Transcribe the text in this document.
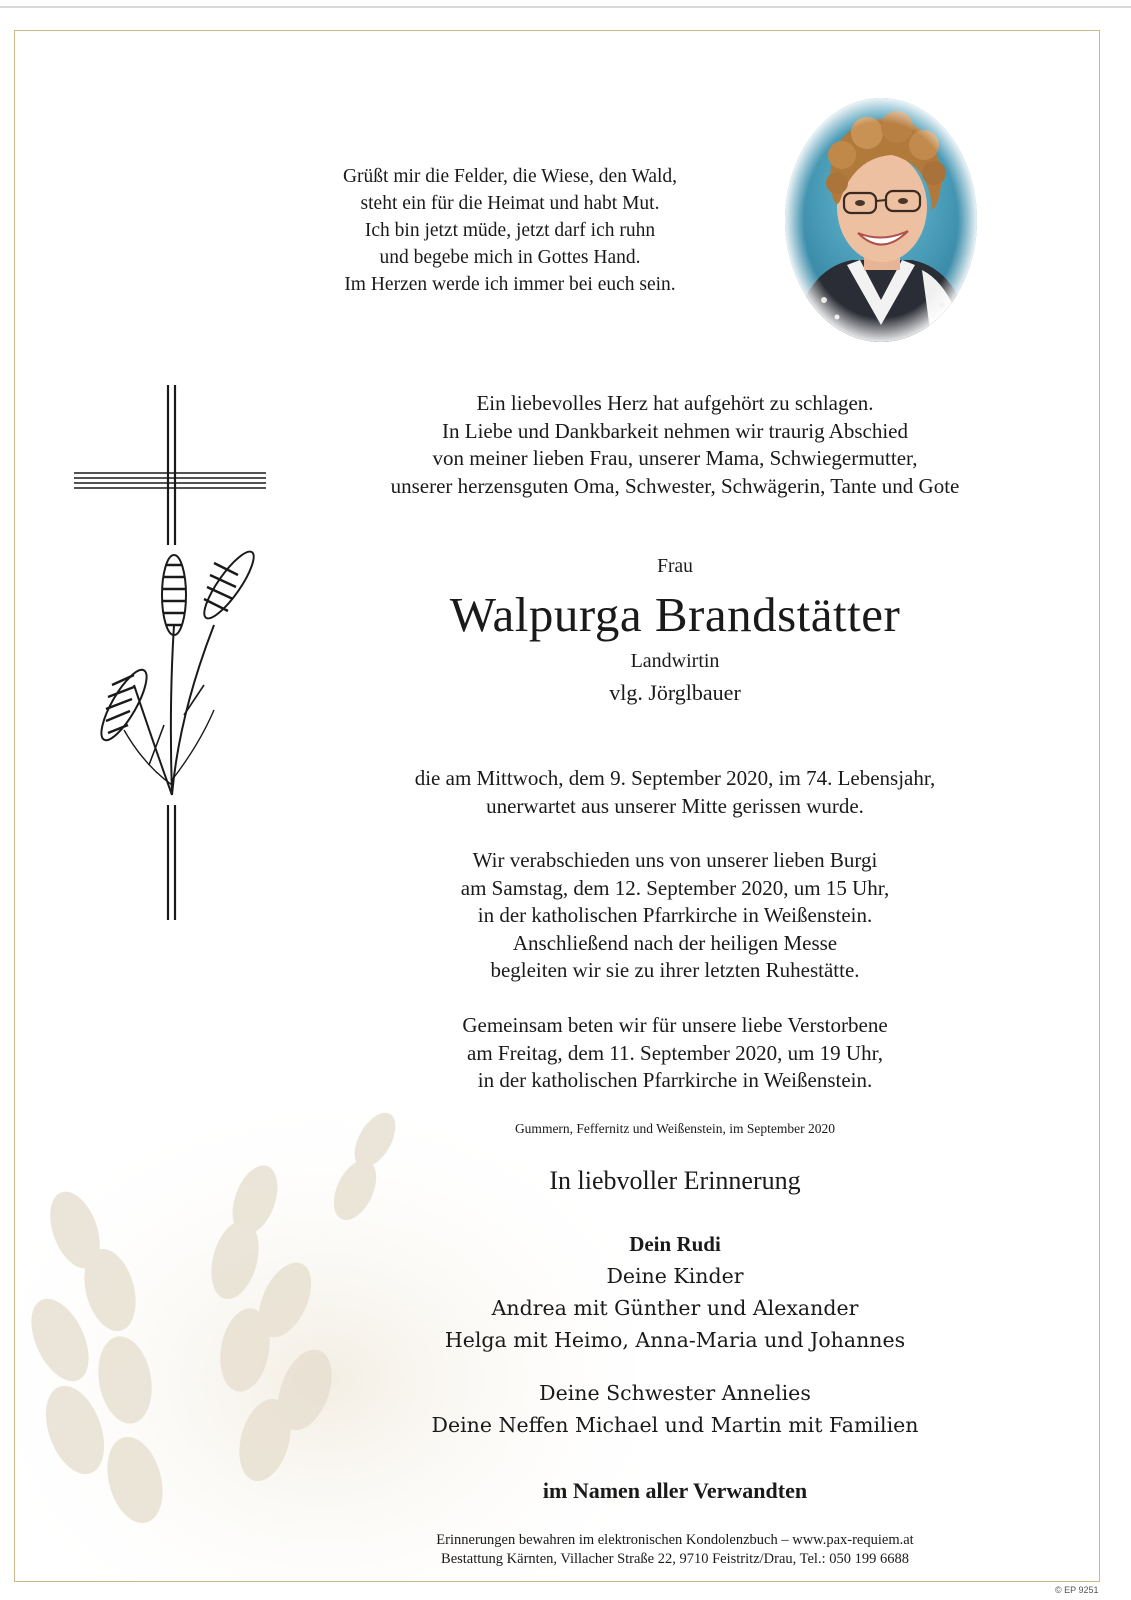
Grüßt mir die Felder, die Wiese, den Wald,
steht ein für die Heimat und habt Mut.
Ich bin jetzt müde, jetzt darf ich ruhn
und begebe mich in Gottes Hand.
Im Herzen werde ich immer bei euch sein.
Ein liebevolles Herz hat aufgehört zu schlagen.
In Liebe und Dankbarkeit nehmen wir traurig Abschied
von meiner lieben Frau, unserer Mama, Schwiegermutter,
unserer herzensguten Oma, Schwester, Schwägerin, Tante und Gote
Frau
Walpurga Brandstätter
Landwirtin
vlg. Jörglbauer
die am Mittwoch, dem 9. September 2020, im 74. Lebensjahr,
unerwartet aus unserer Mitte gerissen wurde.
Wir verabschieden uns von unserer lieben Burgi
am Samstag, dem 12. September 2020, um 15 Uhr,
in der katholischen Pfarrkirche in Weißenstein.
Anschließend nach der heiligen Messe
begleiten wir sie zu ihrer letzten Ruhestätte.
Gemeinsam beten wir für unsere liebe Verstorbene
am Freitag, dem 11. September 2020, um 19 Uhr,
in der katholischen Pfarrkirche in Weißenstein.
Gummern, Feffernitz und Weißenstein, im September 2020
In liebvoller Erinnerung
Dein Rudi
Deine Kinder
Andrea mit Günther und Alexander
Helga mit Heimo, Anna-Maria und Johannes
Deine Schwester Annelies
Deine Neffen Michael und Martin mit Familien
im Namen aller Verwandten
Erinnerungen bewahren im elektronischen Kondolenzbuch – www.pax-requiem.at
Bestattung Kärnten, Villacher Straße 22, 9710 Feistritz/Drau, Tel.: 050 199 6688
© EP 9251
